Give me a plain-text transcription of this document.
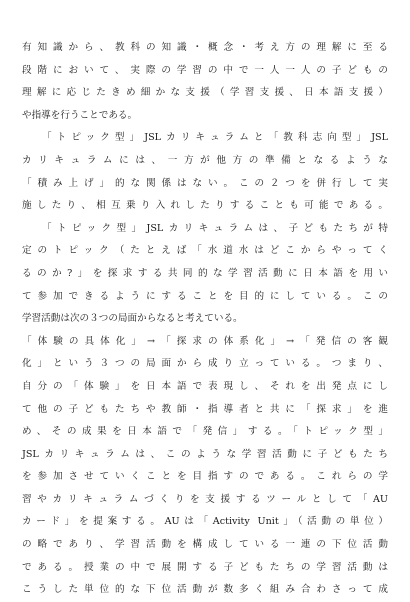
有知識から、教科の知識・概念・考え方の理解に至る
段階において、実際の学習の中で一人一人の子どもの
理解に応じたきめ細かな支援（学習支援、日本語支援）
や指導を行うことである。
「トピック型」JSLカリキュラムと「教科志向型」JSL
カリキュラムには、一方が他方の準備となるような
「積み上げ」的な関係はない。この２つを併行して実
施したり、相互乗り入れしたりすることも可能である。
「トピック型」JSLカリキュラムは、子どもたちが特
定のトピック（たとえば「水道水はどこからやってく
るのか?」を探求する共同的な学習活動に日本語を用い
て参加できるようにすることを目的にしている。この
学習活動は次の３つの局面からなると考えている。
「体験の具体化」→「探求の体系化」→「発信の客観
化」という３つの局面から成り立っている。つまり、
自分の「体験」を日本語で表現し、それを出発点にし
て他の子どもたちや教師・指導者と共に「探求」を進
め、その成果を日本語で「発信」する。「トピック型」
JSLカリキュラムは、このような学習活動に子どもたち
を参加させていくことを目指すのである。これらの学
習やカリキュラムづくりを支援するツールとして「AU
カード」を提案する。AUは「Activity Unit」（活動の単位）
の略であり、学習活動を構成している一連の下位活動
である。授業の中で展開する子どもたちの学習活動は
こうした単位的な下位活動が数多く組み合わさって成
